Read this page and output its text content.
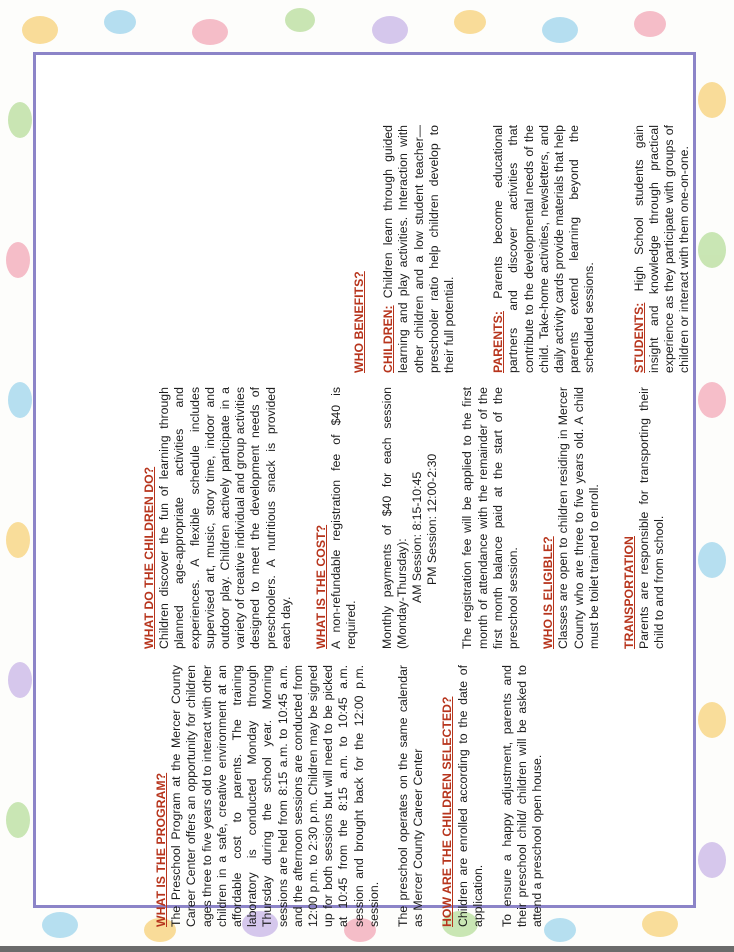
WHAT IS THE PROGRAM? The Preschool Program at the Mercer County Career Center offers an opportunity for children ages three to five years old to interact with other children in a safe, creative environment at an affordable cost to parents. The training laboratory is conducted Monday through Thursday during the school year. Morning sessions are held from 8:15 a.m. to 10:45 a.m. and the afternoon sessions are conducted from 12:00 p.m. to 2:30 p.m. Children may be signed up for both sessions but will need to be picked at 10:45 from the 8:15 a.m. to 10:45 a.m. session and brought back for the 12:00 p.m. session. The preschool operates on the same calendar as Mercer County Career Center HOW ARE THE CHILDREN SELECTED? Children are enrolled according to the date of application. To ensure a happy adjustment, parents and their preschool child/ children will be asked to attend a preschool open house.

WHAT DO THE CHILDREN DO? Children discover the fun of learning through planned age-appropriate activities and experiences. A flexible schedule includes supervised art, music, story time, indoor and outdoor play. Children actively participate in a variety of creative individual and group activities designed to meet the development needs of preschoolers. A nutritious snack is provided each day. WHAT IS THE COST? A non-refundable registration fee of $40 is required. Monthly payments of $40 for each session (Monday-Thursday): AM Session: 8:15-10:45 PM Session: 12:00-2:30 The registration fee will be applied to the first month of attendance with the remainder of the first month balance paid at the start of the preschool session. WHO IS ELIGIBLE? Classes are open to children residing in Mercer County who are three to five years old. A child must be toilet trained to enroll. TRANSPORTATION Parents are responsible for transporting their child to and from school.

WHO BENEFITS? CHILDREN: Children learn through guided learning and play activities. Interaction with other children and a low student teacher—preschooler ratio help children develop to their full potential.	PARENTS: Parents become educational partners and discover activities that contribute to the developmental needs of the child. Take-home activities, newsletters, and daily activity cards provide materials that help parents extend learning beyond the scheduled sessions.	STUDENTS: High School students gain insight and knowledge through practical experience as they participate with groups of children or interact with them one-on-one.
